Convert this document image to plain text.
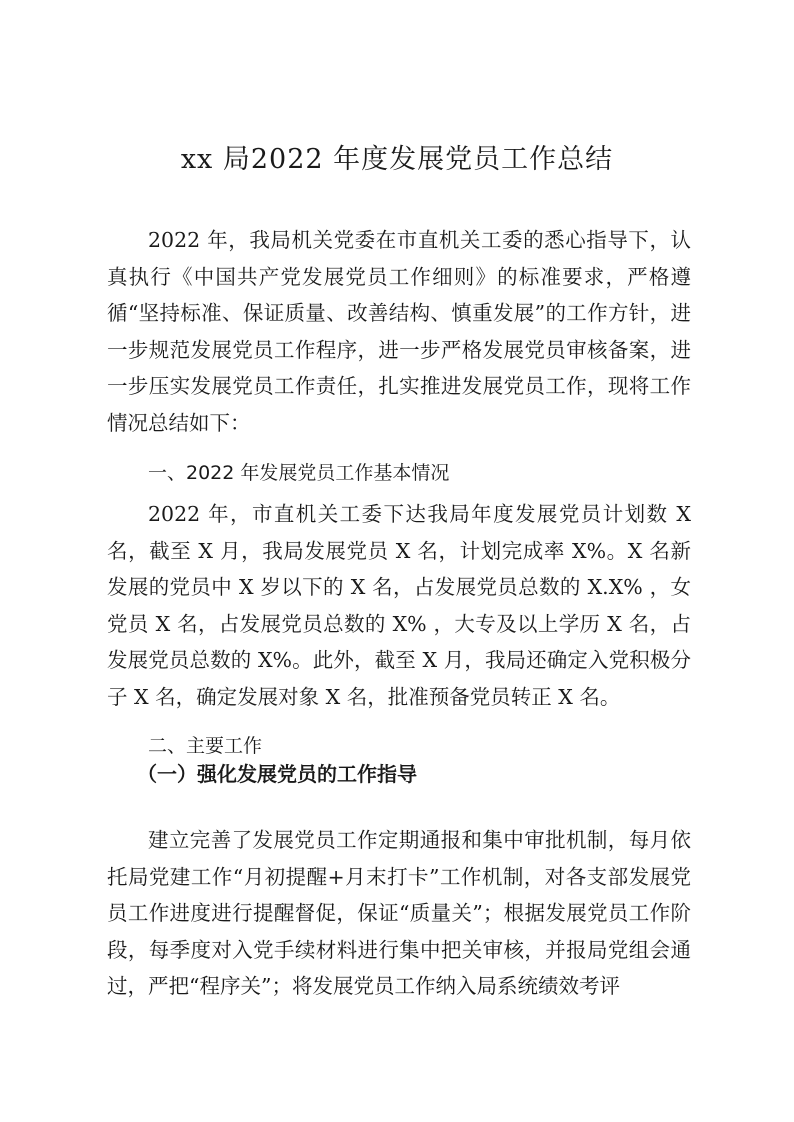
xx 局2022 年度发展党员工作总结

2022 年，我局机关党委在市直机关工委的悉心指导下，认真执行《中国共产党发展党员工作细则》的标准要求，严格遵循“坚持标准、保证质量、改善结构、慎重发展”的工作方针，进一步规范发展党员工作程序，进一步严格发展党员审核备案，进一步压实发展党员工作责任，扎实推进发展党员工作，现将工作情况总结如下：

一、2022 年发展党员工作基本情况

2022 年，市直机关工委下达我局年度发展党员计划数 X 名，截至 X 月，我局发展党员 X 名，计划完成率 X%。X 名新发展的党员中 X 岁以下的 X 名，占发展党员总数的 X.X% ，女党员 X 名，占发展党员总数的 X% ，大专及以上学历 X 名，占发展党员总数的 X%。此外，截至 X 月，我局还确定入党积极分子 X 名，确定发展对象 X 名，批准预备党员转正 X 名。

二、主要工作
（一）强化发展党员的工作指导

建立完善了发展党员工作定期通报和集中审批机制，每月依托局党建工作“月初提醒+月末打卡”工作机制，对各支部发展党员工作进度进行提醒督促，保证“质量关”；根据发展党员工作阶段，每季度对入党手续材料进行集中把关审核，并报局党组会通过，严把“程序关”；将发展党员工作纳入局系统绩效考评
